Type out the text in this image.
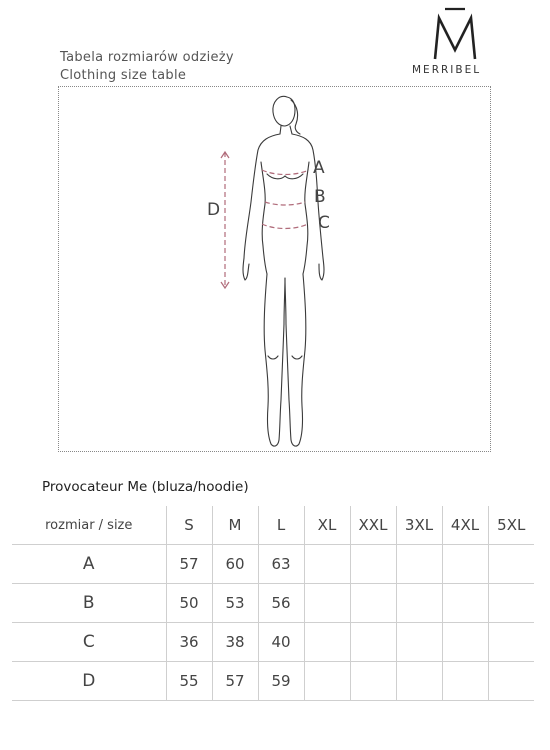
M
MERRIBEL
Tabela rozmiarów odzieży
Clothing size table
A
B
C
D
Provocateur Me (bluza/hoodie)
rozmiar / size	S	M	L	XL	XXL	3XL	4XL	5XL
A	57	60	63					
B	50	53	56					
C	36	38	40					
D	55	57	59					
